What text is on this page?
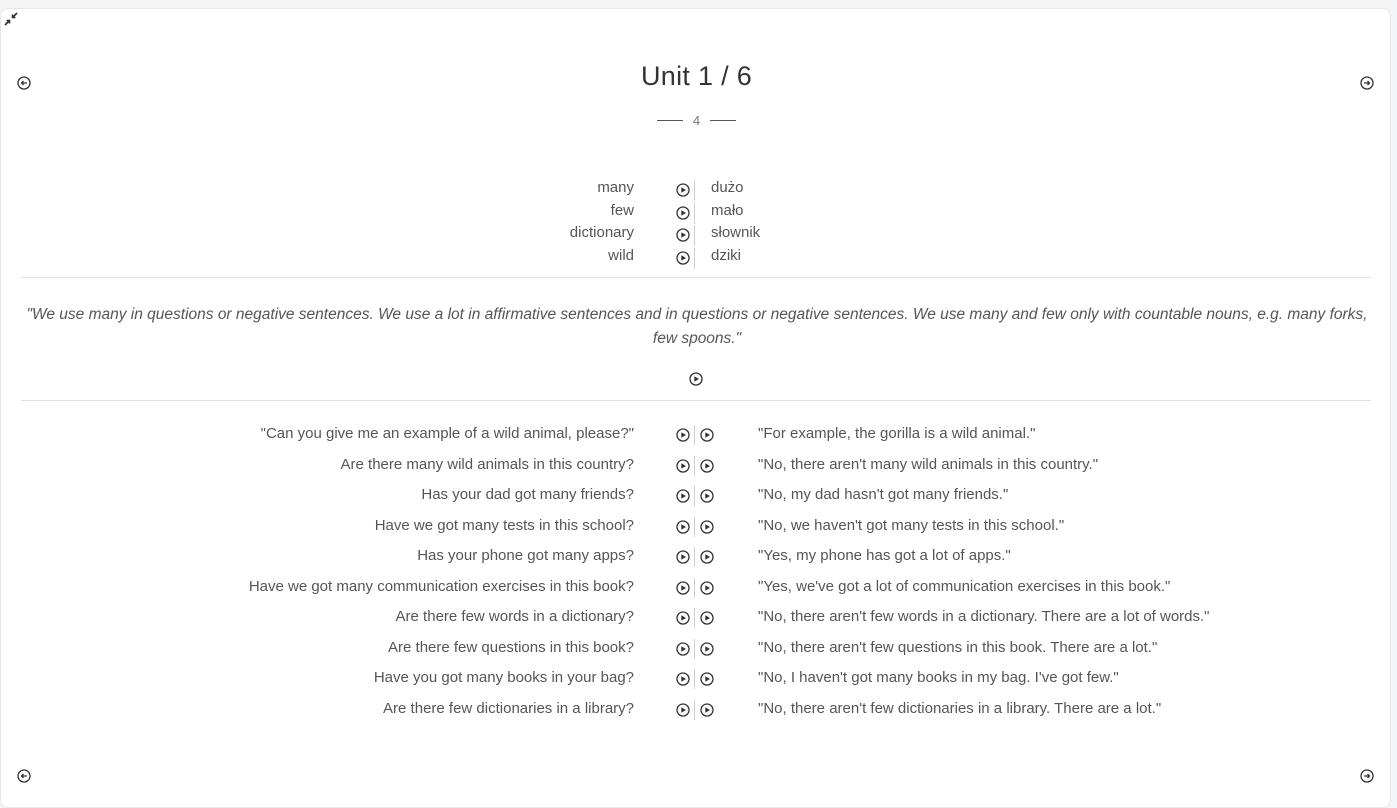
Unit 1 / 6
4
many	dużo
few	mało
dictionary	słownik
wild	dziki
"We use many in questions or negative sentences. We use a lot in affirmative sentences and in questions or negative sentences. We use many and few only with countable nouns, e.g. many forks, few spoons."
"Can you give me an example of a wild animal, please?"	"For example, the gorilla is a wild animal."
Are there many wild animals in this country?	"No, there aren't many wild animals in this country."
Has your dad got many friends?	"No, my dad hasn't got many friends."
Have we got many tests in this school?	"No, we haven't got many tests in this school."
Has your phone got many apps?	"Yes, my phone has got a lot of apps."
Have we got many communication exercises in this book?	"Yes, we've got a lot of communication exercises in this book."
Are there few words in a dictionary?	"No, there aren't few words in a dictionary. There are a lot of words."
Are there few questions in this book?	"No, there aren't few questions in this book. There are a lot."
Have you got many books in your bag?	"No, I haven't got many books in my bag. I've got few."
Are there few dictionaries in a library?	"No, there aren't few dictionaries in a library. There are a lot."
